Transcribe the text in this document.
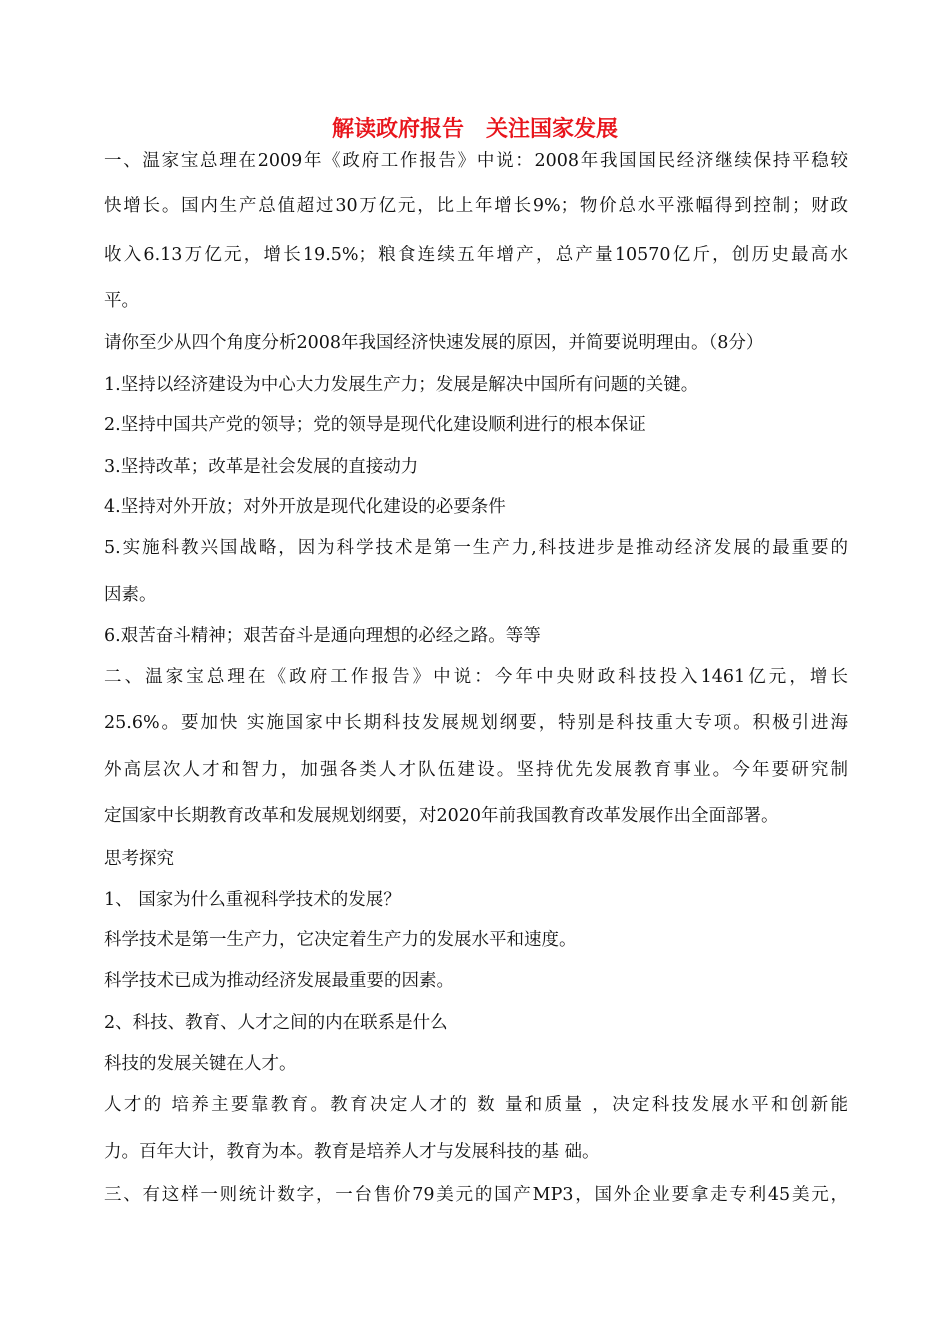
解读政府报告　关注国家发展

一、温家宝总理在2009年《政府工作报告》中说：2008年我国国民经济继续保持平稳较

快增长。国内生产总值超过30万亿元，比上年增长9%；物价总水平涨幅得到控制；财政

收入6.13万亿元，增长19.5%；粮食连续五年增产，总产量10570亿斤，创历史最高水

平。

请你至少从四个角度分析2008年我国经济快速发展的原因，并简要说明理由。（8分）

1.坚持以经济建设为中心大力发展生产力；发展是解决中国所有问题的关键。

2.坚持中国共产党的领导；党的领导是现代化建设顺利进行的根本保证

3.坚持改革；改革是社会发展的直接动力

4.坚持对外开放；对外开放是现代化建设的必要条件

5.实施科教兴国战略，因为科学技术是第一生产力,科技进步是推动经济发展的最重要的

因素。

6.艰苦奋斗精神；艰苦奋斗是通向理想的必经之路。等等

二、温家宝总理在《政府工作报告》中说：今年中央财政科技投入1461亿元，增长

25.6%。要加快 实施国家中长期科技发展规划纲要，特别是科技重大专项。积极引进海

外高层次人才和智力，加强各类人才队伍建设。坚持优先发展教育事业。今年要研究制

定国家中长期教育改革和发展规划纲要，对2020年前我国教育改革发展作出全面部署。

思考探究

1、 国家为什么重视科学技术的发展？

科学技术是第一生产力，它决定着生产力的发展水平和速度。

科学技术已成为推动经济发展最重要的因素。

2、科技、教育、人才之间的内在联系是什么

科技的发展关键在人才。

人才的 培养主要靠教育。教育决定人才的 数 量和质量 ，决定科技发展水平和创新能

力。百年大计，教育为本。教育是培养人才与发展科技的基 础。

三、有这样一则统计数字，一台售价79美元的国产MP3，国外企业要拿走专利45美元，
